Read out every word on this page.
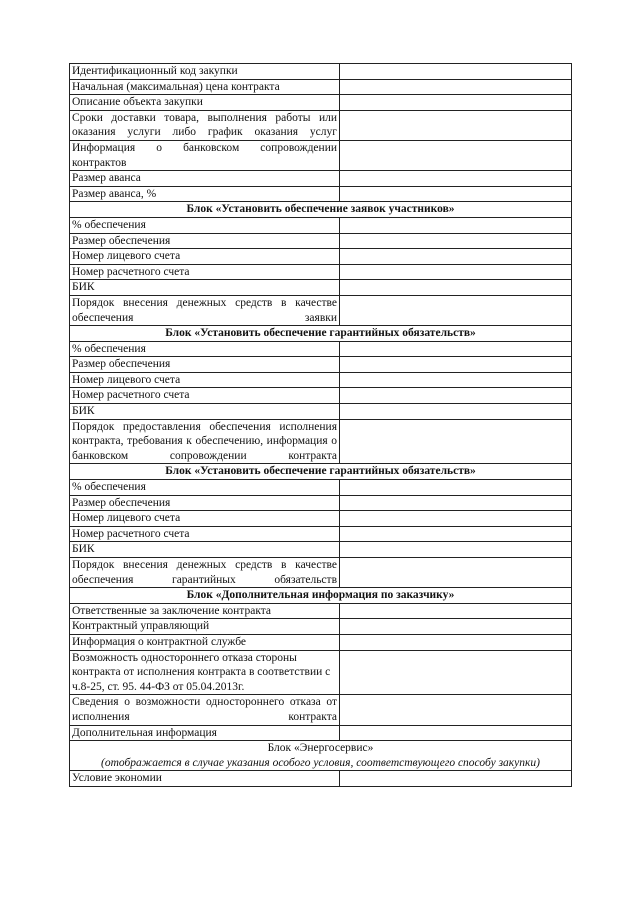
Идентификационный код закупки	
Начальная (максимальная) цена контракта	
Описание объекта закупки	
Сроки доставки товара, выполнения работы или оказания услуги либо график оказания услуг	
Информация о банковском сопровождении контрактов	
Размер аванса	
Размер аванса, %	
Блок «Установить обеспечение заявок участников»	
% обеспечения	
Размер обеспечения	
Номер лицевого счета	
Номер расчетного счета	
БИК	
Порядок внесения денежных средств в качестве обеспечения заявки	
Блок «Установить обеспечение гарантийных обязательств»	
% обеспечения	
Размер обеспечения	
Номер лицевого счета	
Номер расчетного счета	
БИК	
Порядок предоставления обеспечения исполнения контракта, требования к обеспечению, информация о банковском сопровождении контракта	
Блок «Установить обеспечение гарантийных обязательств»	
% обеспечения	
Размер обеспечения	
Номер лицевого счета	
Номер расчетного счета	
БИК	
Порядок внесения денежных средств в качестве обеспечения гарантийных обязательств	
Блок «Дополнительная информация по заказчику»	
Ответственные за заключение контракта	
Контрактный управляющий	
Информация о контрактной службе	
Возможность одностороннего отказа стороны контракта от исполнения контракта в соответствии с ч.8-25, ст. 95. 44-ФЗ от 05.04.2013г.	
Сведения о возможности одностороннего отказа от исполнения контракта	
Дополнительная информация	
Блок «Энергосервис»
(отображается в случае указания особого условия, соответствующего способу закупки)	

Условие экономии	
